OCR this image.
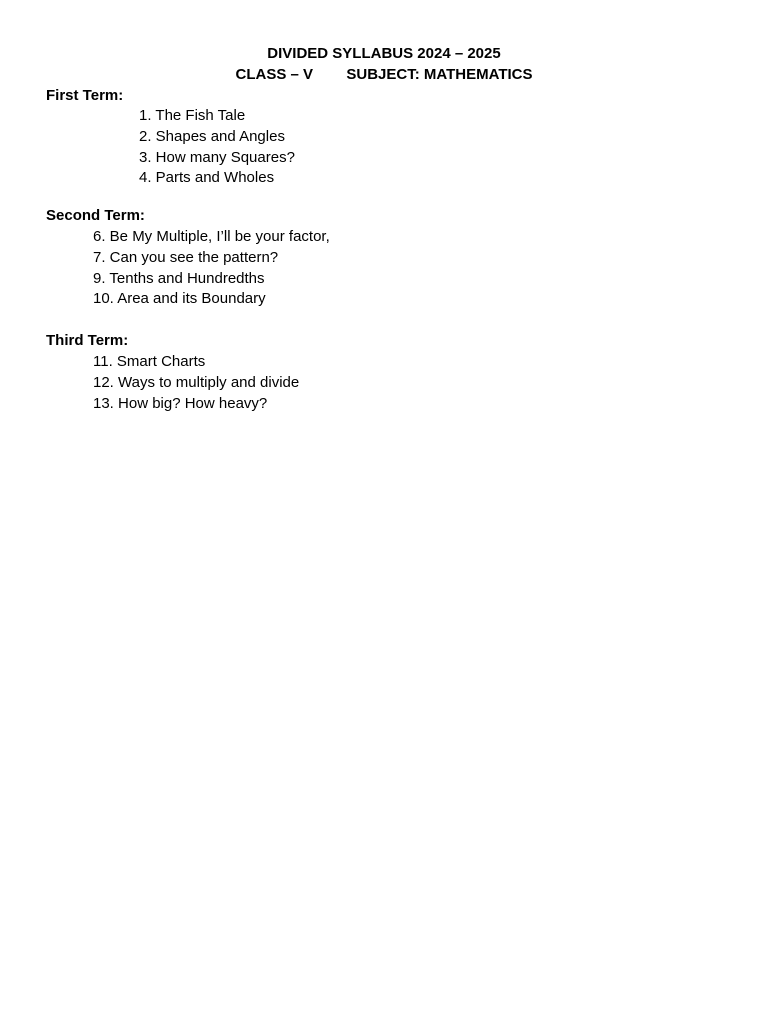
DIVIDED SYLLABUS 2024 – 2025
CLASS – V SUBJECT: MATHEMATICS
First Term:
1. The Fish Tale
2. Shapes and Angles
3. How many Squares?
4. Parts and Wholes
Second Term:
6. Be My Multiple, I’ll be your factor,
7. Can you see the pattern?
9. Tenths and Hundredths
10. Area and its Boundary
Third Term:
11. Smart Charts
12. Ways to multiply and divide
13. How big? How heavy?
